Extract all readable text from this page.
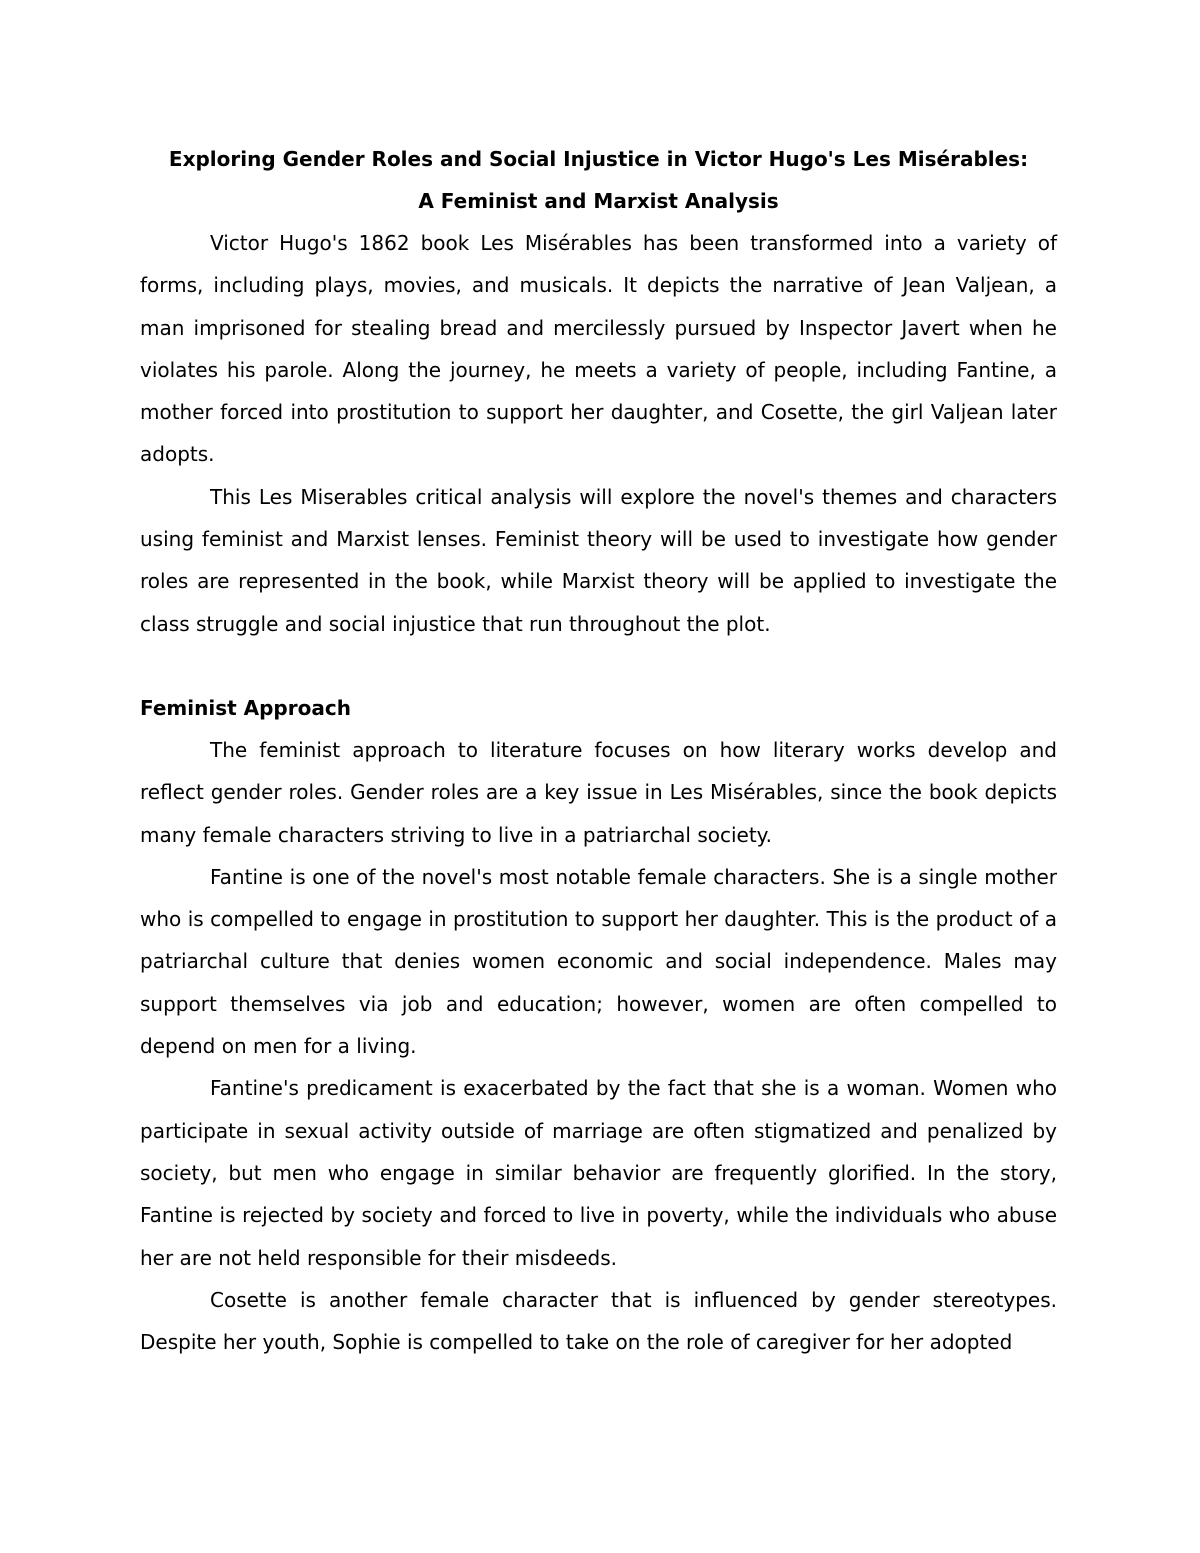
Exploring Gender Roles and Social Injustice in Victor Hugo's Les Misérables:

A Feminist and Marxist Analysis

Victor Hugo's 1862 book Les Misérables has been transformed into a variety of forms, including plays, movies, and musicals. It depicts the narrative of Jean Valjean, a man imprisoned for stealing bread and mercilessly pursued by Inspector Javert when he violates his parole. Along the journey, he meets a variety of people, including Fantine, a mother forced into prostitution to support her daughter, and Cosette, the girl Valjean later adopts.

This Les Miserables critical analysis will explore the novel's themes and characters using feminist and Marxist lenses. Feminist theory will be used to investigate how gender roles are represented in the book, while Marxist theory will be applied to investigate the class struggle and social injustice that run throughout the plot.

Feminist Approach

The feminist approach to literature focuses on how literary works develop and reflect gender roles. Gender roles are a key issue in Les Misérables, since the book depicts many female characters striving to live in a patriarchal society.

Fantine is one of the novel's most notable female characters. She is a single mother who is compelled to engage in prostitution to support her daughter. This is the product of a patriarchal culture that denies women economic and social independence. Males may support themselves via job and education; however, women are often compelled to depend on men for a living.

Fantine's predicament is exacerbated by the fact that she is a woman. Women who participate in sexual activity outside of marriage are often stigmatized and penalized by society, but men who engage in similar behavior are frequently glorified. In the story, Fantine is rejected by society and forced to live in poverty, while the individuals who abuse her are not held responsible for their misdeeds.

Cosette is another female character that is influenced by gender stereotypes. Despite her youth, Sophie is compelled to take on the role of caregiver for her adopted
